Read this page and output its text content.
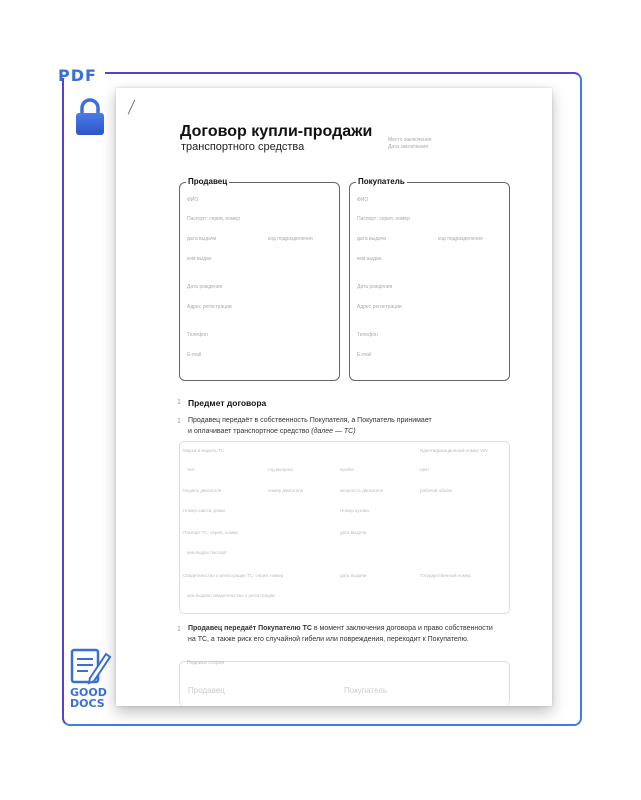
PDF
GOOD
DOCS
Договор купли-продажи
транспортного средства
Место заключения
Дата заключения
Продавец
ФИО
Паспорт: серия, номер
дата выдачи	код подразделения
кем выдан
Дата рождения
Адрес регистрации
Телефон
E-mail
Покупатель
ФИО
Паспорт: серия, номер
дата выдачи	код подразделения
кем выдан
Дата рождения
Адрес регистрации
Телефон
E-mail
1 Предмет договора
1 Продавец передаёт в собственность Покупателя, а Покупатель принимает
и оплачивает транспортное средство (далее — ТС)
Марка и модель ТС	Идентификационный номер VIN
тип	год выпуска	пробег	цвет
Модель двигателя	номер двигателя	мощность двигателя	рабочий объём
Номер шасси, рамы	Номер кузова
Паспорт ТС: серия, номер	дата выдачи
кем выдан паспорт
Свидетельство о регистрации ТС: серия, номер	дата выдачи	Государственный номер
кем выдано свидетельство о регистрации
1 Продавец передаёт Покупателю ТС в момент заключения договора и право собственности
на ТС, а также риск его случайной гибели или повреждения, переходит к Покупателю.
Подписи сторон
Продавец	Покупатель
